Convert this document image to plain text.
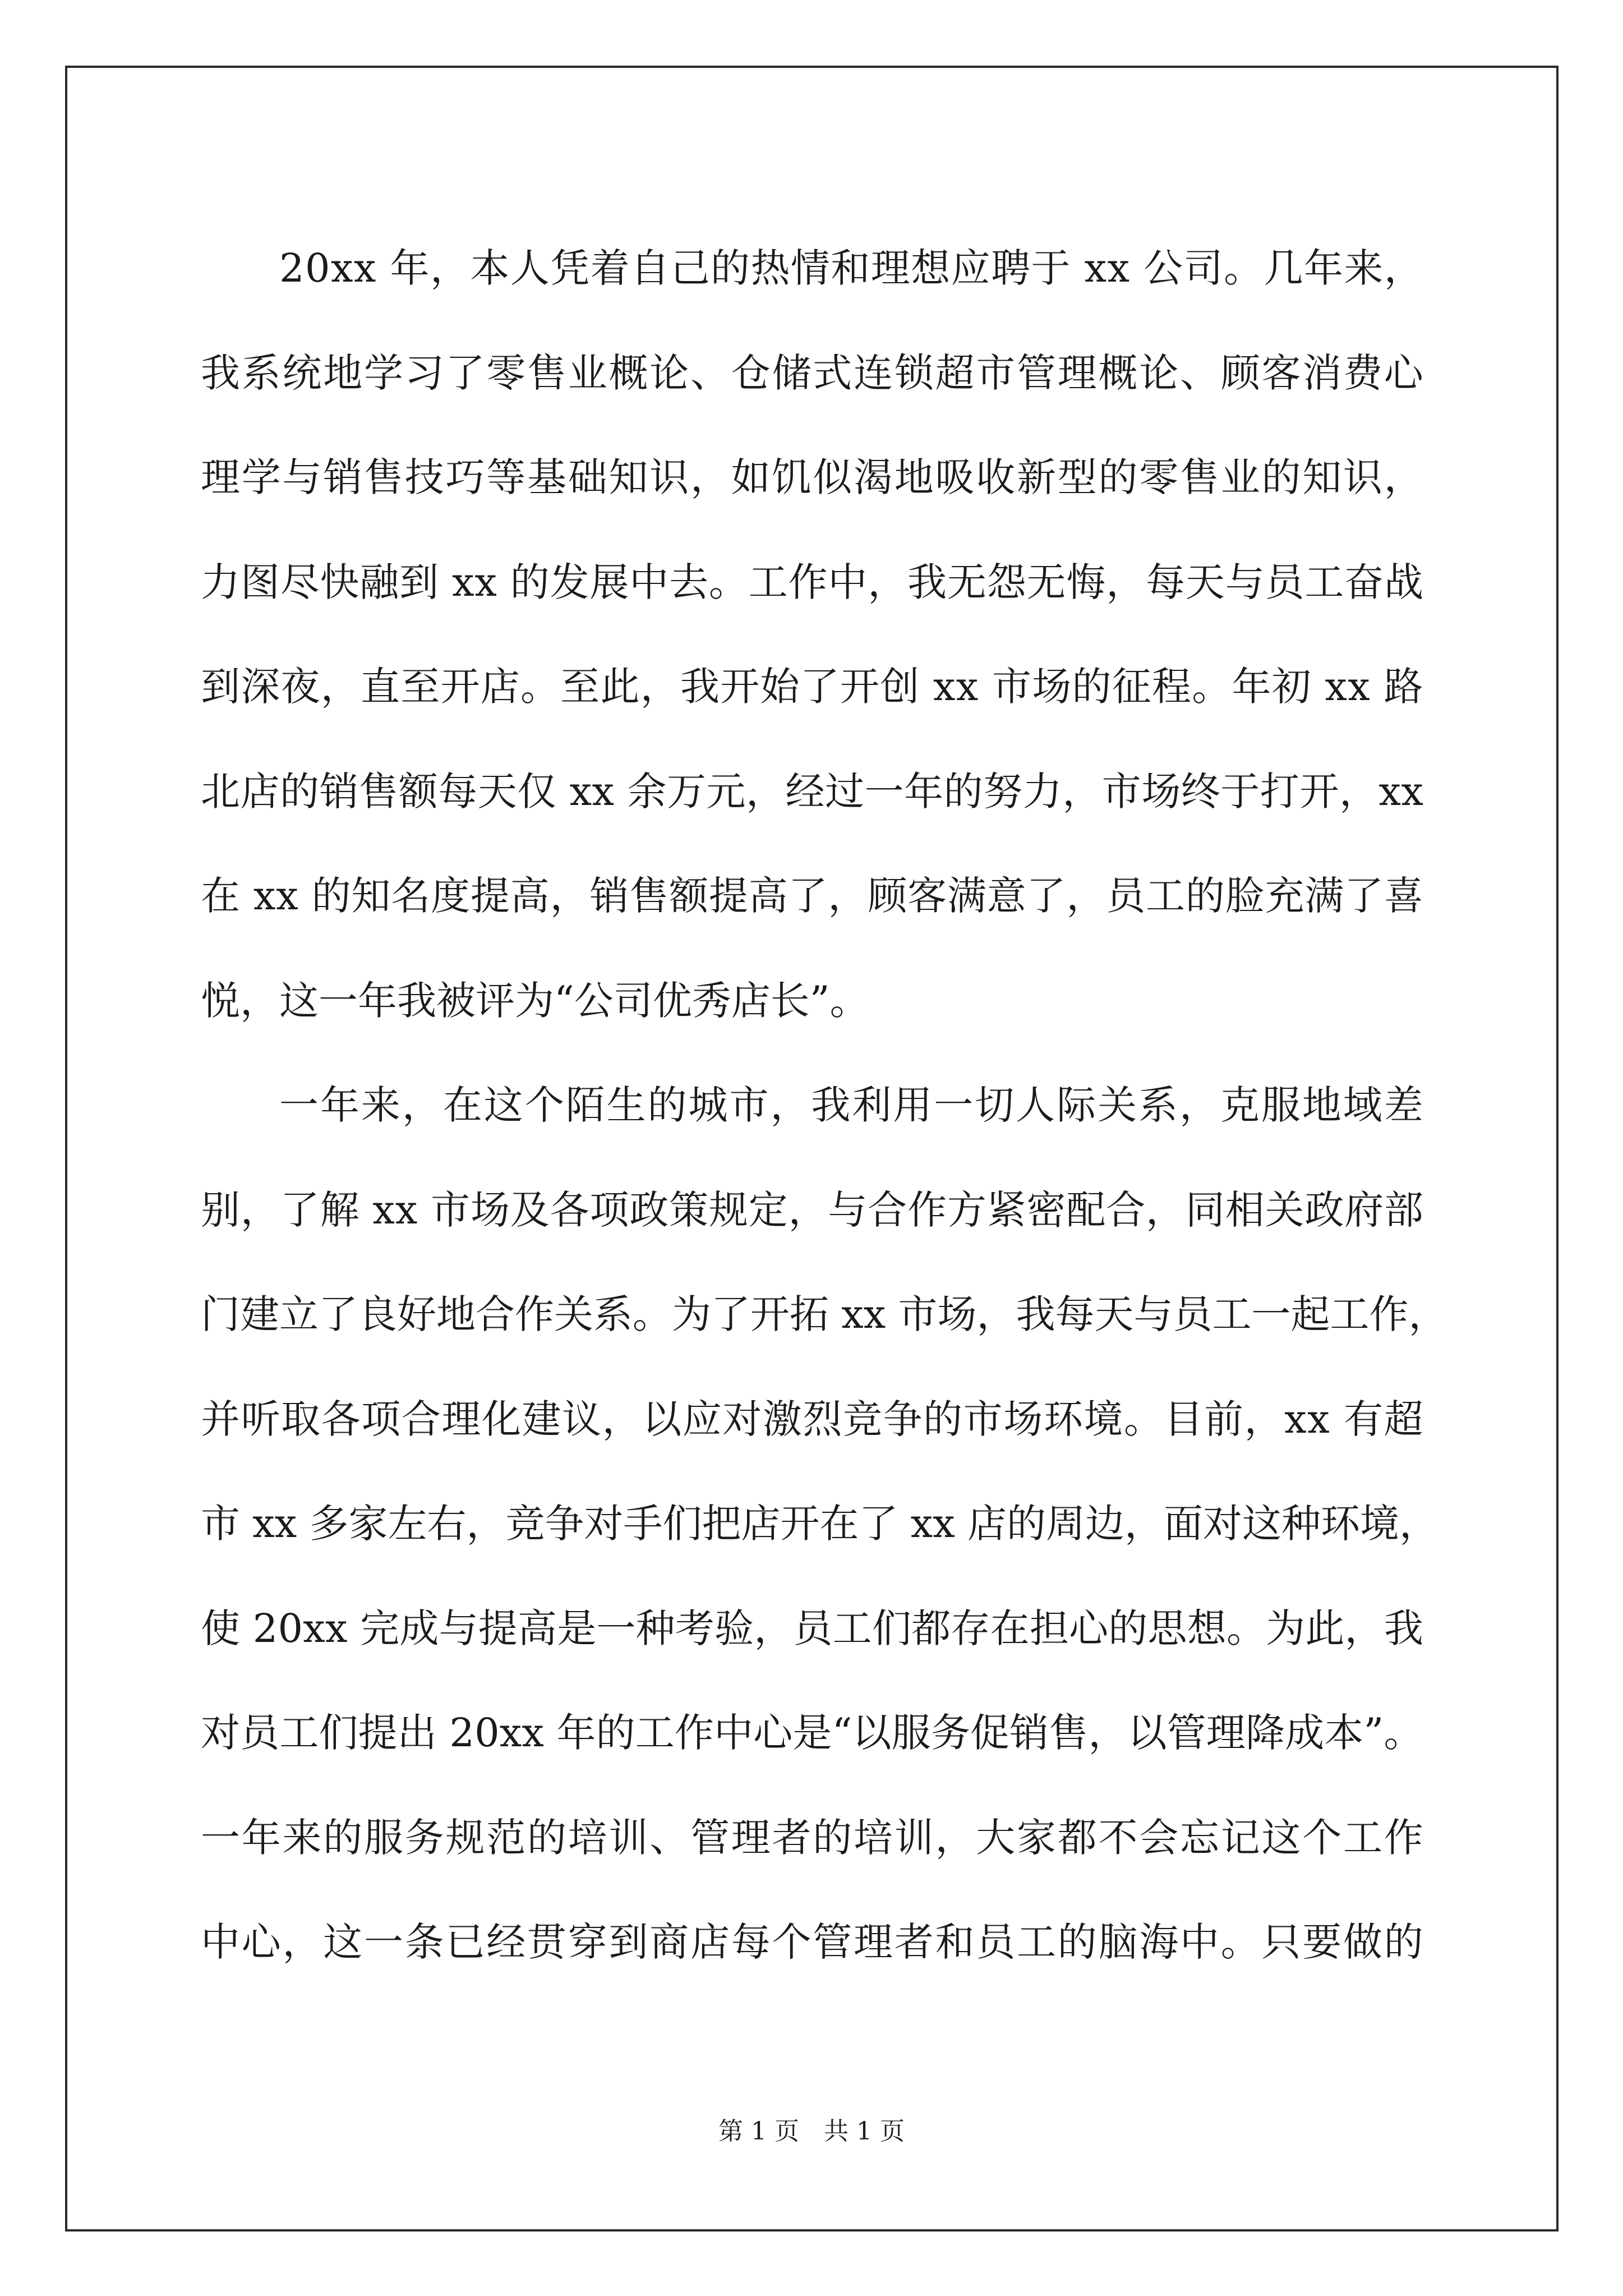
2 0 x x
年 ， 本 人 凭 着 自 己 的 热 情 和 理 想 应 聘 于
x x
公 司 。 几 年 来 ，
我 系 统 地 学 习 了 零 售 业 概 论 、 仓 储 式 连 锁 超 市 管 理 概 论 、 顾 客 消 费 心
理 学 与 销 售 技 巧 等 基 础 知 识 ， 如 饥 似 渴 地 吸 收 新 型 的 零 售 业 的 知 识 ，
力 图 尽 快 融 到
x x
的 发 展 中 去 。 工 作 中 ， 我 无 怨 无 悔 ， 每 天 与 员 工 奋 战
到 深 夜 ， 直 至 开 店 。 至 此 ， 我 开 始 了 开 创
x x
市 场 的 征 程 。 年 初
x x
路
北 店 的 销 售 额 每 天 仅
x x
余 万 元 ， 经 过 一 年 的 努 力 ， 市 场 终 于 打 开 ， x x
在
x x
的 知 名 度 提 高 ， 销 售 额 提 高 了 ， 顾 客 满 意 了 ， 员 工 的 脸 充 满 了 喜
悦 ， 这 一 年 我 被 评 为 “ 公 司 优 秀 店 长 ” 。
一 年 来 ， 在 这 个 陌 生 的 城 市 ， 我 利 用 一 切 人 际 关 系 ， 克 服 地 域 差
别 ， 了 解
x x
市 场 及 各 项 政 策 规 定 ， 与 合 作 方 紧 密 配 合 ， 同 相 关 政 府 部
门 建 立 了 良 好 地 合 作 关 系 。 为 了 开 拓
x x
市 场 ， 我 每 天 与 员 工 一 起 工 作 ，
并 听 取 各 项 合 理 化 建 议 ， 以 应 对 激 烈 竞 争 的 市 场 环 境 。 目 前 ， x x
有 超
市
x x
多 家 左 右 ， 竞 争 对 手 们 把 店 开 在 了
x x
店 的 周 边 ， 面 对 这 种 环 境 ，
使
2 0 x x
完 成 与 提 高 是 一 种 考 验 ， 员 工 们 都 存 在 担 心 的 思 想 。 为 此 ， 我
对 员 工 们 提 出
2 0 x x
年 的 工 作 中 心 是 “ 以 服 务 促 销 售 ， 以 管 理 降 成 本 ” 。
一 年 来 的 服 务 规 范 的 培 训 、 管 理 者 的 培 训 ， 大 家 都 不 会 忘 记 这 个 工 作
中 心 ， 这 一 条 已 经 贯 穿 到 商 店 每 个 管 理 者 和 员 工 的 脑 海 中 。 只 要 做 的
第 1 页　共 1 页
